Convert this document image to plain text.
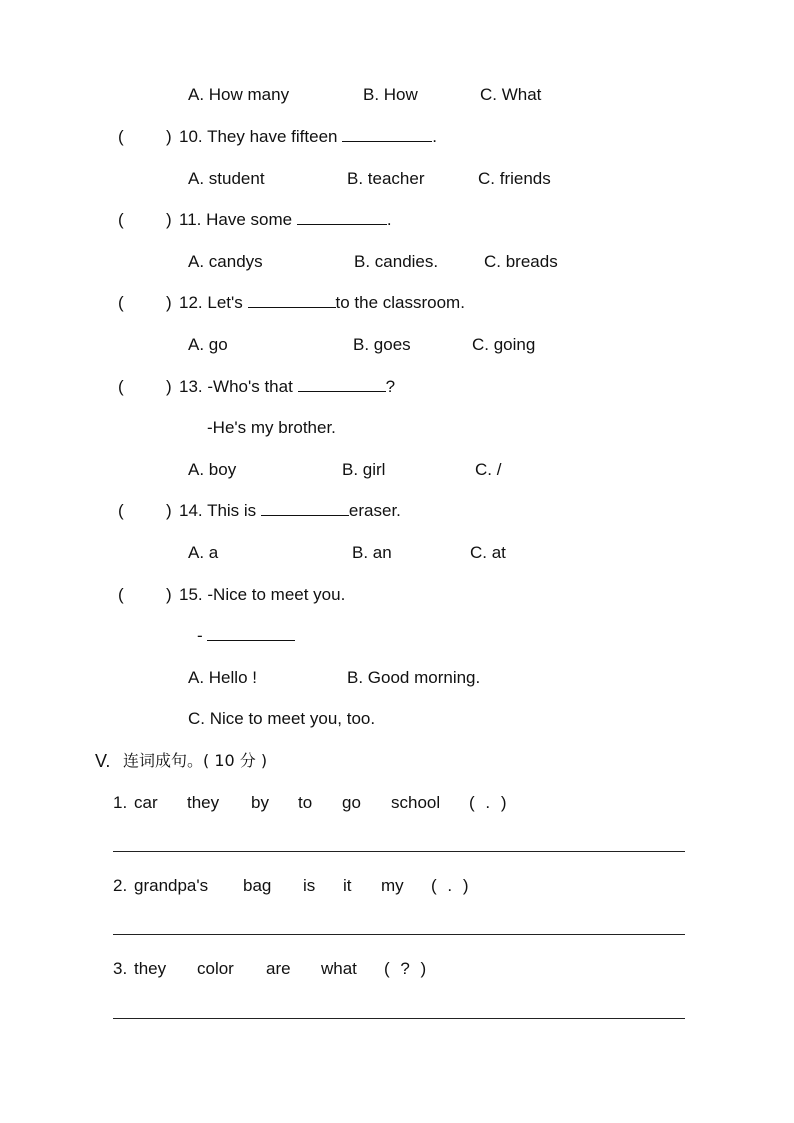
A. How many	B. How	C. What
( ) 10. They have fifteen	.
A. student	B. teacher	C. friends
( ) 11. Have some	.
A. candys	B. candies.	C. breads
( ) 12. Let's	to the classroom.
A. go	B. goes	C. going
( ) 13. -Who's that	?
-He's my brother.
A. boy	B. girl	C. /
( ) 14. This is	eraser.
A. a	B. an	C. at
( ) 15. -Nice to meet you.
-
A. Hello !	B. Good morning.
C. Nice to meet you, too.
V. 连词成句。( 10 分 )
1. car they by to go school ( . )
2. grandpa's bag is it my ( . )
3. they color are what ( ? )
